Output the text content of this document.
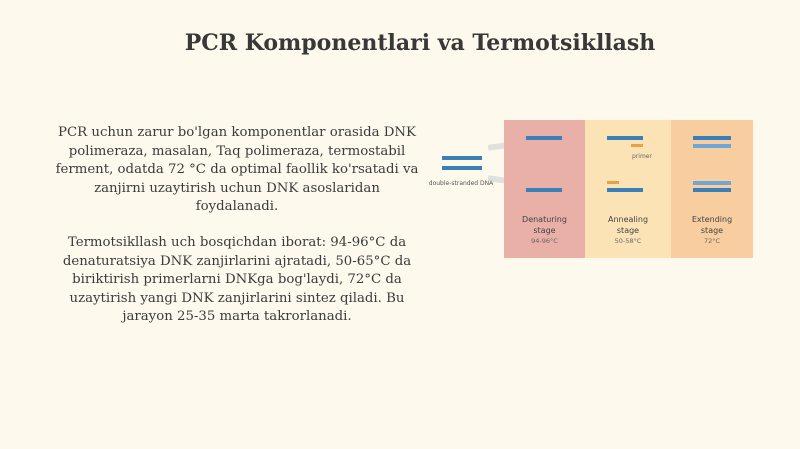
PCR Komponentlari va Termotsikllash

PCR uchun zarur bo'lgan komponentlar orasida DNK polimeraza, masalan, Taq polimeraza, termostabil ferment, odatda 72 °C da optimal faollik ko'rsatadi va zanjirni uzaytirish uchun DNK asoslaridan foydalanadi.

Termotsikllash uch bosqichdan iborat: 94-96°C da denaturatsiya DNK zanjirlarini ajratadi, 50-65°C da biriktirish primerlarni DNKga bog'laydi, 72°C da uzaytirish yangi DNK zanjirlarini sintez qiladi. Bu jarayon 25-35 marta takrorlanadi.

double-stranded DNA
Denaturing
stage
94-96°C
Annealing
stage
50-58°C
primer
Extending
stage
72°C
